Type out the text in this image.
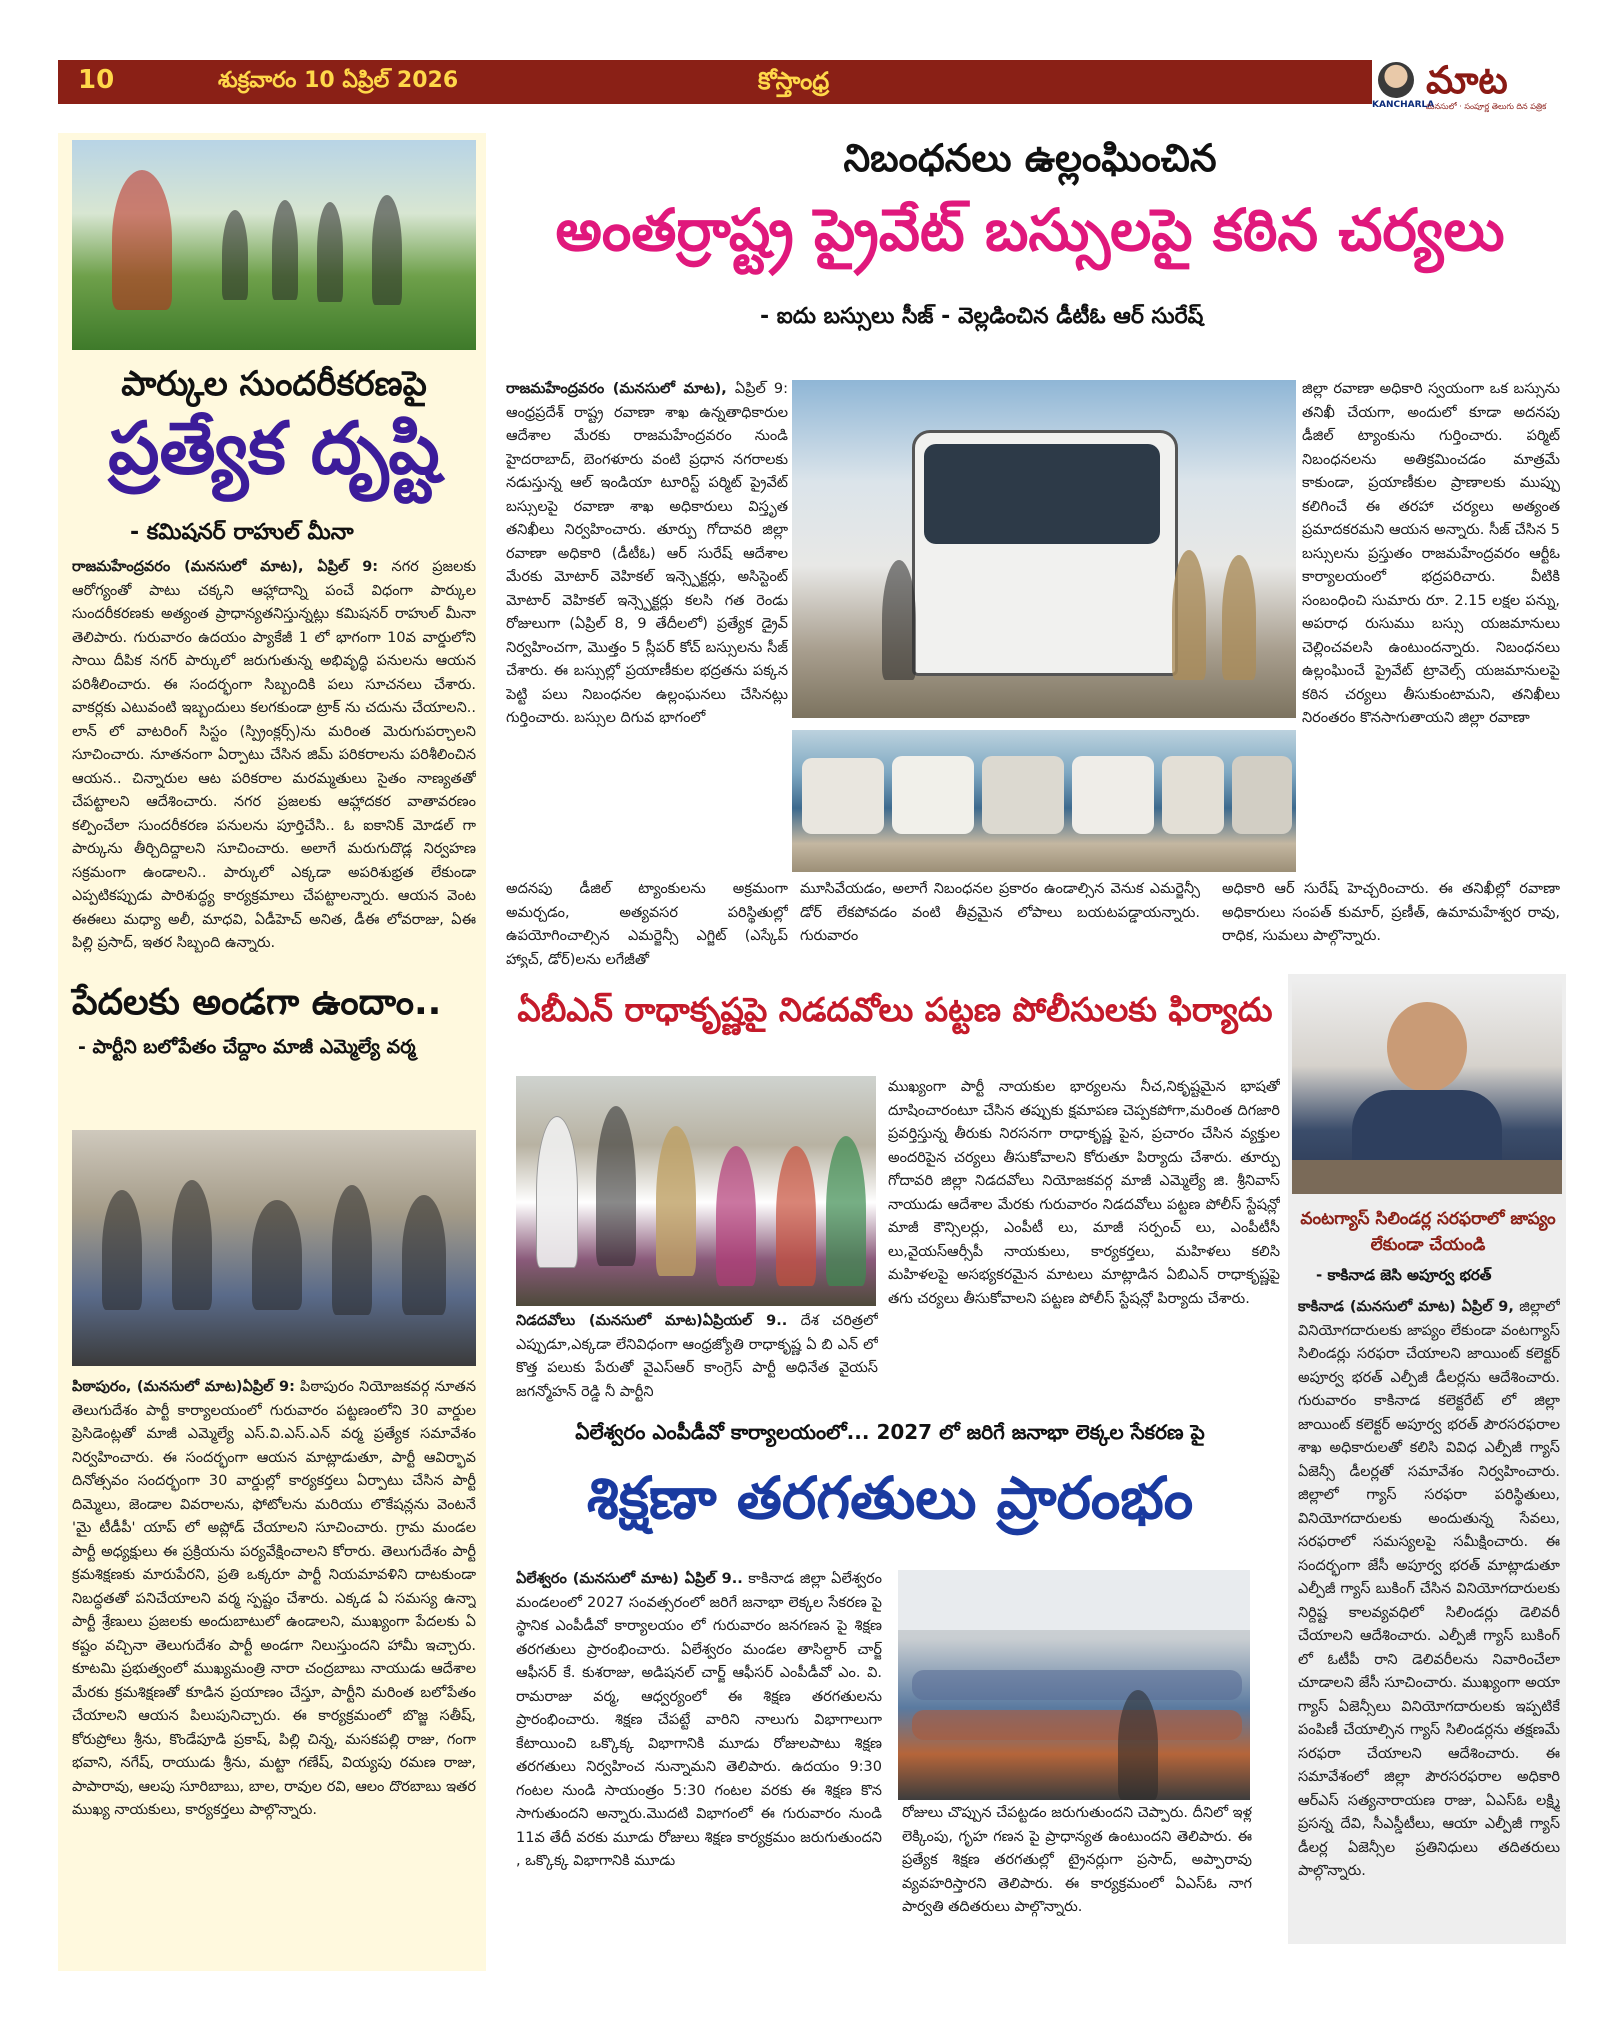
10	శుక్రవారం 10 ఏప్రిల్ 2026	కోస్తాంధ్ర
KANCHARLA
మాట
మనసులో · సంపూర్ణ తెలుగు దిన పత్రిక
పార్కుల సుందరీకరణపై
ప్రత్యేక దృష్టి
- కమిషనర్ రాహుల్ మీనా
రాజమహేంద్రవరం (మనసులో మాట), ఏప్రిల్ 9: నగర ప్రజలకు ఆరోగ్యంతో పాటు చక్కని ఆహ్లాదాన్ని పంచే విధంగా పార్కుల సుందరీకరణకు అత్యంత ప్రాధాన్యతనిస్తున్నట్లు కమిషనర్ రాహుల్ మీనా తెలిపారు. గురువారం ఉదయం ప్యాకేజీ 1 లో భాగంగా 10వ వార్డులోని సాయి దీపిక నగర్ పార్కులో జరుగుతున్న అభివృద్ధి పనులను ఆయన పరిశీలించారు. ఈ సందర్భంగా సిబ్బందికి పలు సూచనలు చేశారు. వాకర్లకు ఎటువంటి ఇబ్బందులు కలగకుండా ట్రాక్ ను చదును చేయాలని.. లాన్ లో వాటరింగ్ సిస్టం (స్ప్రింక్లర్స్)ను మరింత మెరుగుపర్చాలని సూచించారు. నూతనంగా ఏర్పాటు చేసిన జిమ్ పరికరాలను పరిశీలించిన ఆయన.. చిన్నారుల ఆట పరికరాల మరమ్మతులు సైతం నాణ్యతతో చేపట్టాలని ఆదేశించారు. నగర ప్రజలకు ఆహ్లాదకర వాతావరణం కల్పించేలా సుందరీకరణ పనులను పూర్తిచేసి.. ఓ ఐకానిక్ మోడల్ గా పార్కును తీర్చిదిద్దాలని సూచించారు. అలాగే మరుగుదొడ్ల నిర్వహణ సక్రమంగా ఉండాలని.. పార్కులో ఎక్కడా అపరిశుభ్రత లేకుండా ఎప్పటికప్పుడు పారిశుద్ధ్య కార్యక్రమాలు చేపట్టాలన్నారు. ఆయన వెంట ఈఈలు మధ్యా అలీ, మాధవి, ఏడీహెచ్ అనిత, డీఈ లోవరాజు, ఏఈ పిల్లి ప్రసాద్, ఇతర సిబ్బంది ఉన్నారు.
పేదలకు అండగా ఉందాం..
- పార్టీని బలోపేతం చేద్దాం మాజీ ఎమ్మెల్యే వర్మ
పిఠాపురం, (మనసులో మాట)ఏప్రిల్ 9: పిఠాపురం నియోజకవర్గ నూతన తెలుగుదేశం పార్టీ కార్యాలయంలో గురువారం పట్టణంలోని 30 వార్డుల ప్రెసిడెంట్లతో మాజీ ఎమ్మెల్యే ఎస్.వి.ఎస్.ఎన్ వర్మ ప్రత్యేక సమావేశం నిర్వహించారు. ఈ సందర్భంగా ఆయన మాట్లాడుతూ, పార్టీ ఆవిర్భావ దినోత్సవం సందర్భంగా 30 వార్డుల్లో కార్యకర్తలు ఏర్పాటు చేసిన పార్టీ దిమ్మెలు, జెండాల వివరాలను, ఫోటోలను మరియు లొకేషన్లను వెంటనే 'మై టీడీపీ' యాప్ లో అప్లోడ్ చేయాలని సూచించారు. గ్రామ మండల పార్టీ అధ్యక్షులు ఈ ప్రక్రియను పర్యవేక్షించాలని కోరారు. తెలుగుదేశం పార్టీ క్రమశిక్షణకు మారుపేరని, ప్రతి ఒక్కరూ పార్టీ నియమావళిని దాటకుండా నిబద్ధతతో పనిచేయాలని వర్మ స్పష్టం చేశారు. ఎక్కడ ఏ సమస్య ఉన్నా పార్టీ శ్రేణులు ప్రజలకు అందుబాటులో ఉండాలని, ముఖ్యంగా పేదలకు ఏ కష్టం వచ్చినా తెలుగుదేశం పార్టీ అండగా నిలుస్తుందని హామీ ఇచ్చారు. కూటమి ప్రభుత్వంలో ముఖ్యమంత్రి నారా చంద్రబాబు నాయుడు ఆదేశాల మేరకు క్రమశిక్షణతో కూడిన ప్రయాణం చేస్తూ, పార్టీని మరింత బలోపేతం చేయాలని ఆయన పిలుపునిచ్చారు. ఈ కార్యక్రమంలో బొజ్జ సతీష్, కోరుప్రోలు శ్రీను, కొండేపూడి ప్రకాష్, పిల్లి చిన్న, మసకపల్లి రాజు, గంగా భవాని, నగేష్, రాయుడు శ్రీను, మట్టా గణేష్, వియ్యపు రమణ రాజు, పాపారావు, ఆలపు సూరిబాబు, బాల, రావుల రవి, ఆలం దొరబాబు ఇతర ముఖ్య నాయకులు, కార్యకర్తలు పాల్గొన్నారు.
నిబంధనలు ఉల్లంఘించిన
అంతర్రాష్ట్ర ప్రైవేట్ బస్సులపై కఠిన చర్యలు
- ఐదు బస్సులు సీజ్ - వెల్లడించిన డీటీఓ ఆర్ సురేష్
రాజమహేంద్రవరం (మనసులో మాట), ఏప్రిల్ 9: ఆంధ్రప్రదేశ్ రాష్ట్ర రవాణా శాఖ ఉన్నతాధికారుల ఆదేశాల మేరకు రాజమహేంద్రవరం నుండి హైదరాబాద్, బెంగళూరు వంటి ప్రధాన నగరాలకు నడుస్తున్న ఆల్ ఇండియా టూరిస్ట్ పర్మిట్ ప్రైవేట్ బస్సులపై రవాణా శాఖ అధికారులు విస్తృత తనిఖీలు నిర్వహించారు. తూర్పు గోదావరి జిల్లా రవాణా అధికారి (డీటీఓ) ఆర్ సురేష్ ఆదేశాల మేరకు మోటార్ వెహికల్ ఇన్స్పెక్టర్లు, అసిస్టెంట్ మోటార్ వెహికల్ ఇన్స్పెక్టర్లు కలసి గత రెండు రోజులుగా (ఏప్రిల్ 8, 9 తేదీలలో) ప్రత్యేక డ్రైవ్ నిర్వహించగా, మొత్తం 5 స్లీపర్ కోచ్ బస్సులను సీజ్ చేశారు. ఈ బస్సుల్లో ప్రయాణీకుల భద్రతను పక్కన పెట్టి పలు నిబంధనల ఉల్లంఘనలు చేసినట్లు గుర్తించారు. బస్సుల దిగువ భాగంలో
అదనపు డీజిల్ ట్యాంకులను అక్రమంగా అమర్చడం, అత్యవసర పరిస్థితుల్లో ఉపయోగించాల్సిన ఎమర్జెన్సీ ఎగ్జిట్ (ఎస్కేప్ హ్యాచ్, డోర్)లను లగేజీతో
మూసివేయడం, అలాగే నిబంధనల ప్రకారం ఉండాల్సిన వెనుక ఎమర్జెన్సీ డోర్ లేకపోవడం వంటి తీవ్రమైన లోపాలు బయటపడ్డాయన్నారు. గురువారం
జిల్లా రవాణా అధికారి స్వయంగా ఒక బస్సును తనిఖీ చేయగా, అందులో కూడా అదనపు డీజిల్ ట్యాంకును గుర్తించారు. పర్మిట్ నిబంధనలను అతిక్రమించడం మాత్రమే కాకుండా, ప్రయాణీకుల ప్రాణాలకు ముప్పు కలిగించే ఈ తరహా చర్యలు అత్యంత ప్రమాదకరమని ఆయన అన్నారు. సీజ్ చేసిన 5 బస్సులను ప్రస్తుతం రాజమహేంద్రవరం ఆర్టీఓ కార్యాలయంలో భద్రపరిచారు. వీటికి సంబంధించి సుమారు రూ. 2.15 లక్షల పన్ను, అపరాధ రుసుము బస్సు యజమానులు చెల్లించవలసి ఉంటుందన్నారు. నిబంధనలు ఉల్లంఘించే ప్రైవేట్ ట్రావెల్స్ యజమానులపై కఠిన చర్యలు తీసుకుంటామని, తనిఖీలు నిరంతరం కొనసాగుతాయని జిల్లా రవాణా
అధికారి ఆర్ సురేష్ హెచ్చరించారు. ఈ తనిఖీల్లో రవాణా అధికారులు సంపత్ కుమార్, ప్రణీత్, ఉమామహేశ్వర రావు, రాధిక, సుమలు పాల్గొన్నారు.
ఏబీఎన్ రాధాకృష్ణపై నిడదవోలు పట్టణ పోలీసులకు ఫిర్యాదు
నిడదవోలు (మనసులో మాట)ఏప్రియల్ 9.. దేశ చరిత్రలో ఎప్పుడూ,ఎక్కడా లేనివిధంగా ఆంధ్రజ్యోతి రాధాకృష్ణ ఏ బి ఎన్ లో కొత్త పలుకు పేరుతో వైఎస్ఆర్ కాంగ్రెస్ పార్టీ అధినేత వైయస్ జగన్మోహన్ రెడ్డి నీ పార్టీని
ముఖ్యంగా పార్టీ నాయకుల భార్యలను నీచ,నికృష్టమైన భాషతో దూషించారంటూ చేసిన తప్పుకు క్షమాపణ చెప్పకపోగా,మరింత దిగజారి ప్రవర్తిస్తున్న తీరుకు నిరసనగా రాధాకృష్ణ పైన, ప్రచారం చేసిన వ్యక్తుల అందరిపైన చర్యలు తీసుకోవాలని కోరుతూ పిర్యాదు చేశారు. తూర్పు గోదావరి జిల్లా నిడదవోలు నియోజకవర్గ మాజీ ఎమ్మెల్యే జి. శ్రీనివాస్ నాయుడు ఆదేశాల మేరకు గురువారం నిడదవోలు పట్టణ పోలీస్ స్టేషన్లో మాజీ కౌన్సిలర్లు, ఎంపీటీ లు, మాజీ సర్పంచ్ లు, ఎంపీటీసీ లు,వైయస్ఆర్సీపీ నాయకులు, కార్యకర్తలు, మహిళలు కలిసి మహిళలపై అసభ్యకరమైన మాటలు మాట్లాడిన ఏబిఎన్ రాధాకృష్ణపై తగు చర్యలు తీసుకోవాలని పట్టణ పోలీస్ స్టేషన్లో పిర్యాదు చేశారు.
ఏలేశ్వరం ఎంపీడీవో కార్యాలయంలో... 2027 లో జరిగే జనాభా లెక్కల సేకరణ పై
శిక్షణా తరగతులు ప్రారంభం
ఏలేశ్వరం (మనసులో మాట) ఏప్రిల్ 9.. కాకినాడ జిల్లా ఏలేశ్వరం మండలంలో 2027 సంవత్సరంలో జరిగే జనాభా లెక్కల సేకరణ పై స్థానిక ఎంపీడీవో కార్యాలయం లో గురువారం జనగణన పై శిక్షణ తరగతులు ప్రారంభించారు. ఏలేశ్వరం మండల తాసిల్దార్ చార్జ్ ఆఫీసర్ కే. కుశరాజు, అడిషనల్ చార్జ్ ఆఫీసర్ ఎంపీడీవో ఎం. వి. రామరాజు వర్మ, ఆధ్వర్యంలో ఈ శిక్షణ తరగతులను ప్రారంభించారు. శిక్షణ చేపట్టే వారిని నాలుగు విభాగాలుగా కేటాయించి ఒక్కొక్క విభాగానికి మూడు రోజులపాటు శిక్షణ తరగతులు నిర్వహించ నున్నామని తెలిపారు. ఉదయం 9:30 గంటల నుండి సాయంత్రం 5:30 గంటల వరకు ఈ శిక్షణ కొన సాగుతుందని అన్నారు.మొదటి విభాగంలో ఈ గురువారం నుండి 11వ తేదీ వరకు మూడు రోజులు శిక్షణ కార్యక్రమం జరుగుతుందని , ఒక్కొక్క విభాగానికి మూడు
రోజులు చొప్పున చేపట్టడం జరుగుతుందని చెప్పారు. దీనిలో ఇళ్ల లెక్కింపు, గృహ గణన పై ప్రాధాన్యత ఉంటుందని తెలిపారు. ఈ ప్రత్యేక శిక్షణ తరగతుల్లో ట్రైనర్లుగా ప్రసాద్, అప్పారావు వ్యవహరిస్తారని తెలిపారు. ఈ కార్యక్రమంలో ఏఎస్ఓ నాగ పార్వతి తదితరులు పాల్గొన్నారు.
వంటగ్యాస్ సిలిండర్ల సరఫరాలో జాప్యం లేకుండా చేయండి
- కాకినాడ జెసి అపూర్వ భరత్
కాకినాడ (మనసులో మాట) ఏప్రిల్ 9, జిల్లాలో వినియోగదారులకు జాప్యం లేకుండా వంటగ్యాస్ సిలిండర్లు సరఫరా చేయాలని జాయింట్ కలెక్టర్ అపూర్వ భరత్ ఎల్పీజీ డీలర్లను ఆదేశించారు. గురువారం కాకినాడ కలెక్టరేట్ లో జిల్లా జాయింట్ కలెక్టర్ అపూర్వ భరత్ పౌరసరఫరాల శాఖ అధికారులతో కలిసి వివిధ ఎల్పీజీ గ్యాస్ ఏజెన్సీ డీలర్లతో సమావేశం నిర్వహించారు. జిల్లాలో గ్యాస్ సరఫరా పరిస్థితులు, వినియోగదారులకు అందుతున్న సేవలు, సరఫరాలో సమస్యలపై సమీక్షించారు. ఈ సందర్భంగా జేసీ అపూర్వ భరత్ మాట్లాడుతూ ఎల్పీజీ గ్యాస్ బుకింగ్ చేసిన వినియోగదారులకు నిర్దిష్ట కాలవ్యవధిలో సిలిండర్లు డెలివరీ చేయాలని ఆదేశించారు. ఎల్పీజీ గ్యాస్ బుకింగ్ లో ఓటీపీ రాని డెలివరీలను నివారించేలా చూడాలని జేసీ సూచించారు. ముఖ్యంగా అయా గ్యాస్ ఏజెన్సీలు వినియోగదారులకు ఇప్పటికే పంపిణీ చేయాల్సిన గ్యాస్ సిలిండర్లను తక్షణమే సరఫరా చేయాలని ఆదేశించారు. ఈ సమావేశంలో జిల్లా పౌరసరఫరాల అధికారి ఆర్ఎస్ సత్యనారాయణ రాజు, ఏఎస్ఓ లక్ష్మి ప్రసన్న దేవి, సీఎస్డీటీలు, ఆయా ఎల్పీజీ గ్యాస్ డీలర్ల ఏజెన్సీల ప్రతినిధులు తదితరులు పాల్గొన్నారు.
